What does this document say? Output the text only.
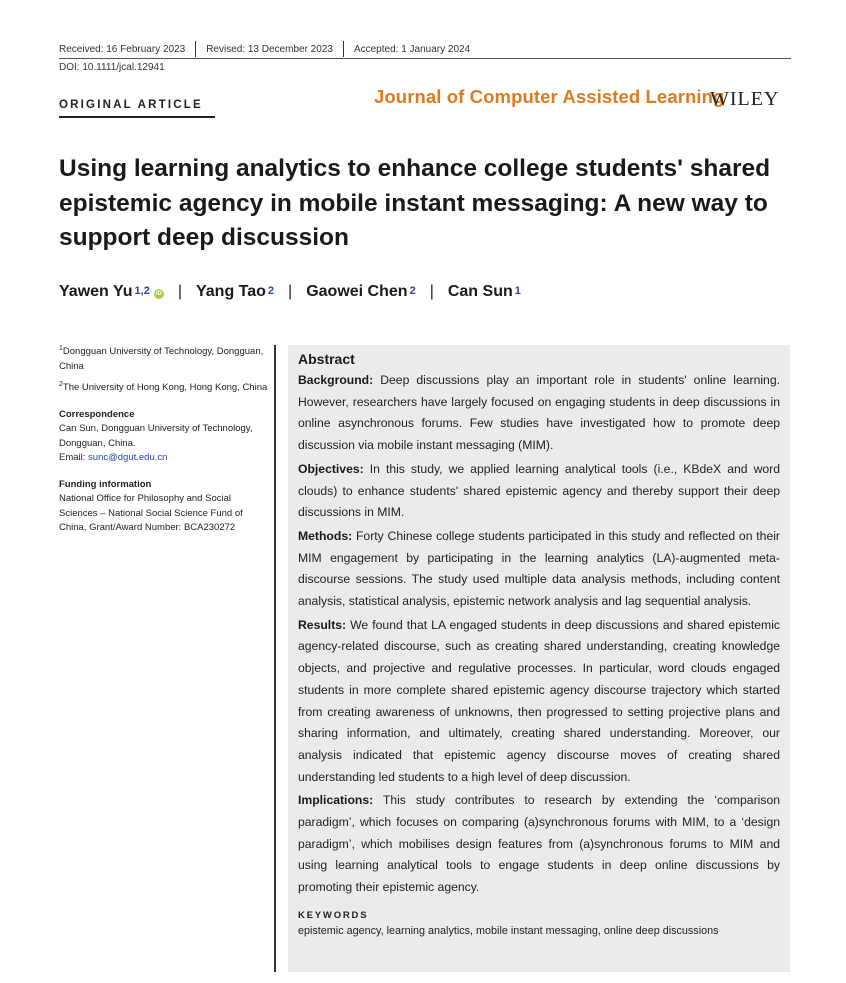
Received: 16 February 2023 Revised: 13 December 2023 Accepted: 1 January 2024
DOI: 10.1111/jcal.12941
ORIGINAL ARTICLE	Journal of Computer Assisted Learning
WILEY
Using learning analytics to enhance college students' shared epistemic agency in mobile instant messaging: A new way to support deep discussion
Yawen Yu$^{1,2}$	iD | Yang Tao$^2$ | Gaowei Chen$^2$ | Can Sun$^1$

$^1$Dongguan University of Technology, Dongguan, China

$^2$The University of Hong Kong, Hong Kong, China

Correspondence

Can Sun, Dongguan University of Technology, Dongguan, China.

Email: sunc@dgut.edu.cn

Funding information

National Office for Philosophy and Social Sciences – National Social Science Fund of China, Grant/Award Number: BCA230272

Abstract

Background: Deep discussions play an important role in students' online learning. However, researchers have largely focused on engaging students in deep discussions in online asynchronous forums. Few studies have investigated how to promote deep discussion via mobile instant messaging (MIM).

Objectives: In this study, we applied learning analytical tools (i.e., KBdeX and word clouds) to enhance students' shared epistemic agency and thereby support their deep discussions in MIM.

Methods: Forty Chinese college students participated in this study and reflected on their MIM engagement by participating in the learning analytics (LA)-augmented meta-discourse sessions. The study used multiple data analysis methods, including content analysis, statistical analysis, epistemic network analysis and lag sequential analysis.

Results: We found that LA engaged students in deep discussions and shared epistemic agency-related discourse, such as creating shared understanding, creating knowledge objects, and projective and regulative processes. In particular, word clouds engaged students in more complete shared epistemic agency discourse trajectory which started from creating awareness of unknowns, then progressed to setting projective plans and sharing information, and ultimately, creating shared understanding. Moreover, our analysis indicated that epistemic agency discourse moves of creating shared understanding led students to a high level of deep discussion.

Implications: This study contributes to research by extending the ‘comparison paradigm’, which focuses on comparing (a)synchronous forums with MIM, to a ‘design paradigm’, which mobilises design features from (a)synchronous forums to MIM and using learning analytical tools to engage students in deep online discussions by promoting their epistemic agency.

KEYWORDS
epistemic agency, learning analytics, mobile instant messaging, online deep discussions
